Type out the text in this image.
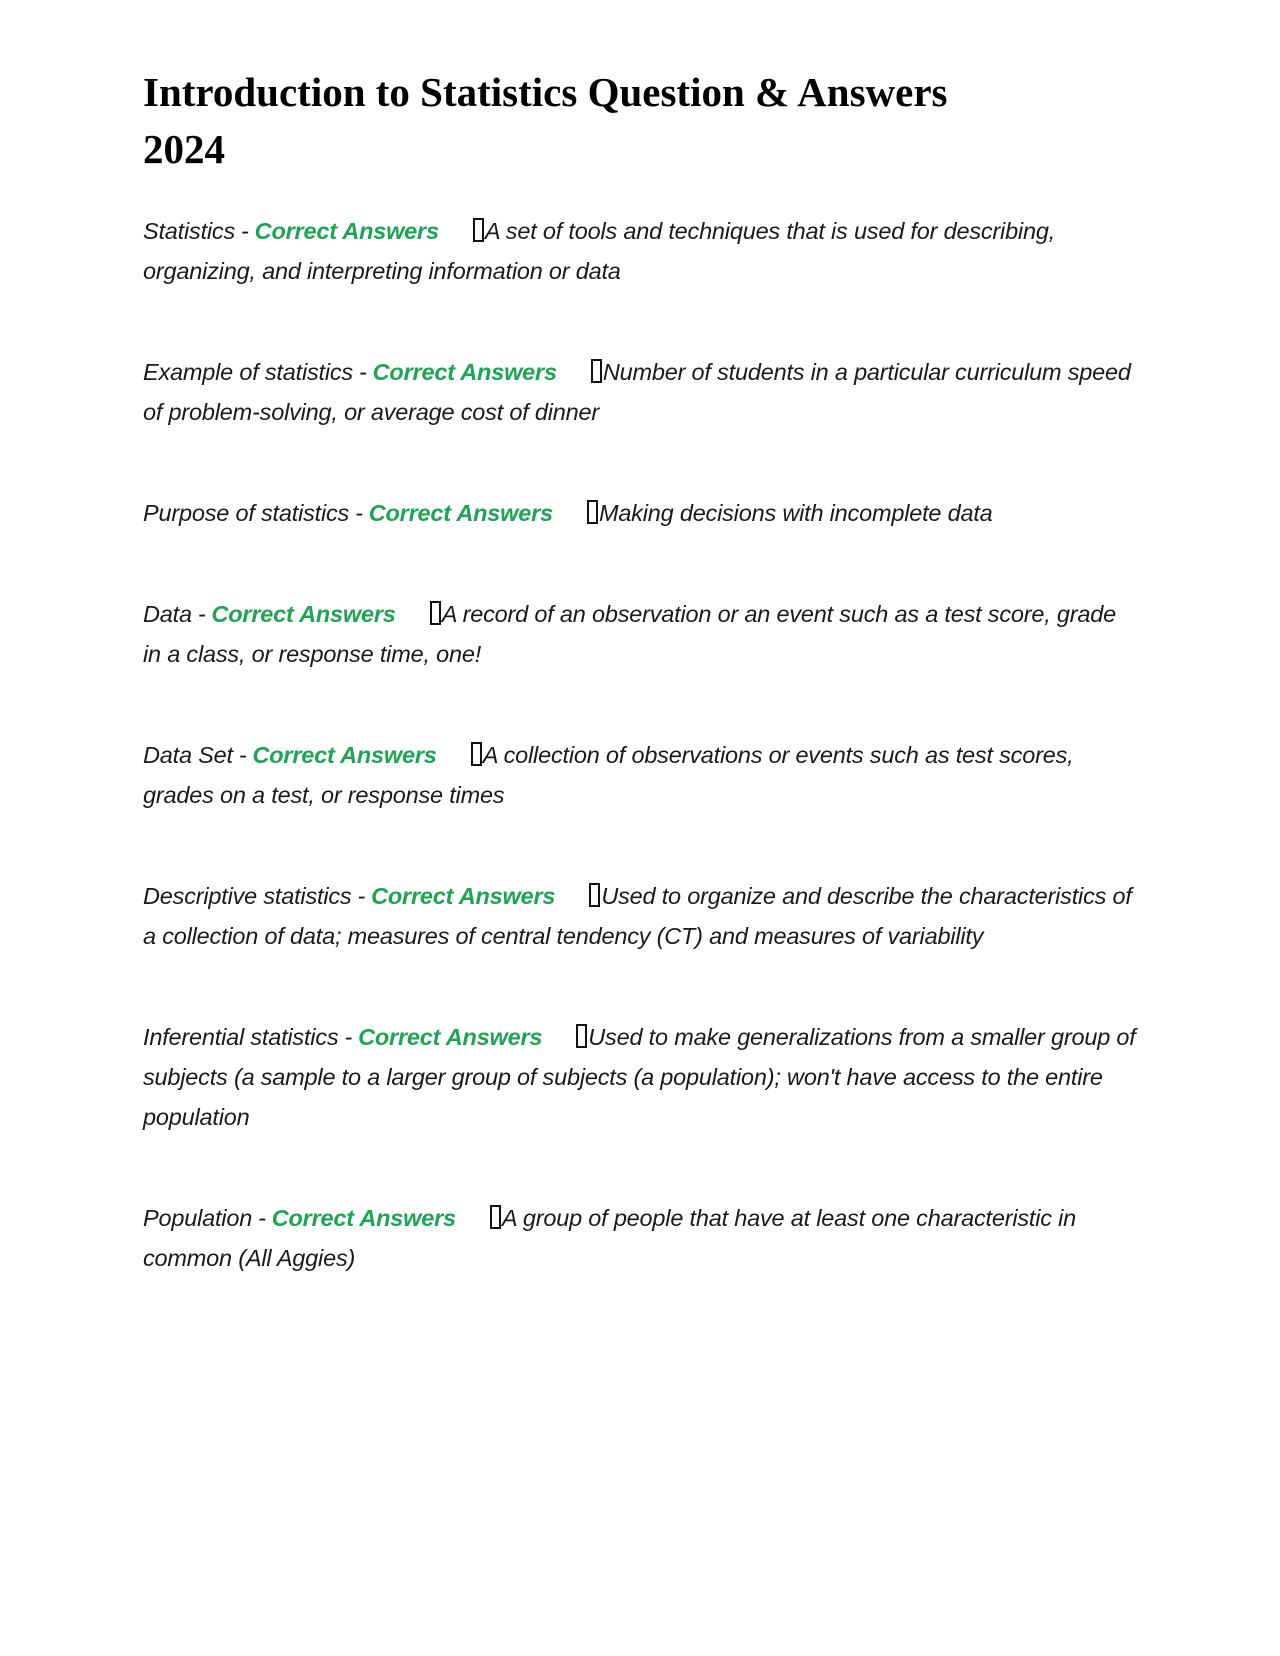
Introduction to Statistics Question & Answers 2024

Statistics - Correct Answers A set of tools and techniques that is used for describing, organizing, and interpreting information or data

Example of statistics - Correct Answers Number of students in a particular curriculum speed of problem-solving, or average cost of dinner

Purpose of statistics - Correct Answers Making decisions with incomplete data

Data - Correct Answers A record of an observation or an event such as a test score, grade in a class, or response time, one!

Data Set - Correct Answers A collection of observations or events such as test scores, grades on a test, or response times

Descriptive statistics - Correct Answers Used to organize and describe the characteristics of a collection of data; measures of central tendency (CT) and measures of variability

Inferential statistics - Correct Answers Used to make generalizations from a smaller group of subjects (a sample to a larger group of subjects (a population); won't have access to the entire population

Population - Correct Answers A group of people that have at least one characteristic in common (All Aggies)
